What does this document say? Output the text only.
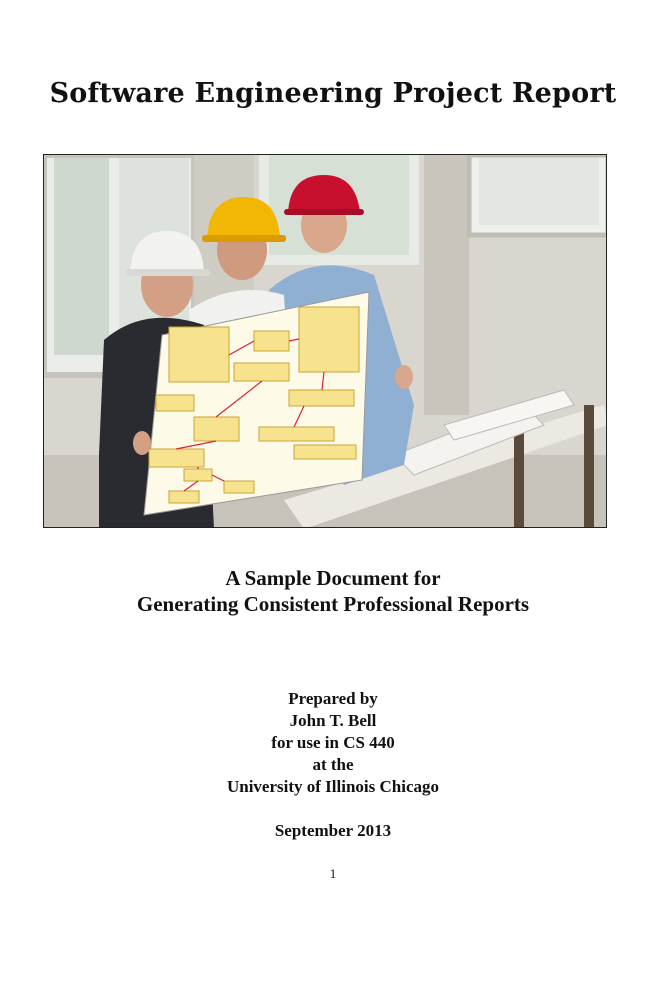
Software Engineering Project Report
A Sample Document for
Generating Consistent Professional Reports
Prepared by
John T. Bell
for use in CS 440
at the
University of Illinois Chicago
September 2013
1
